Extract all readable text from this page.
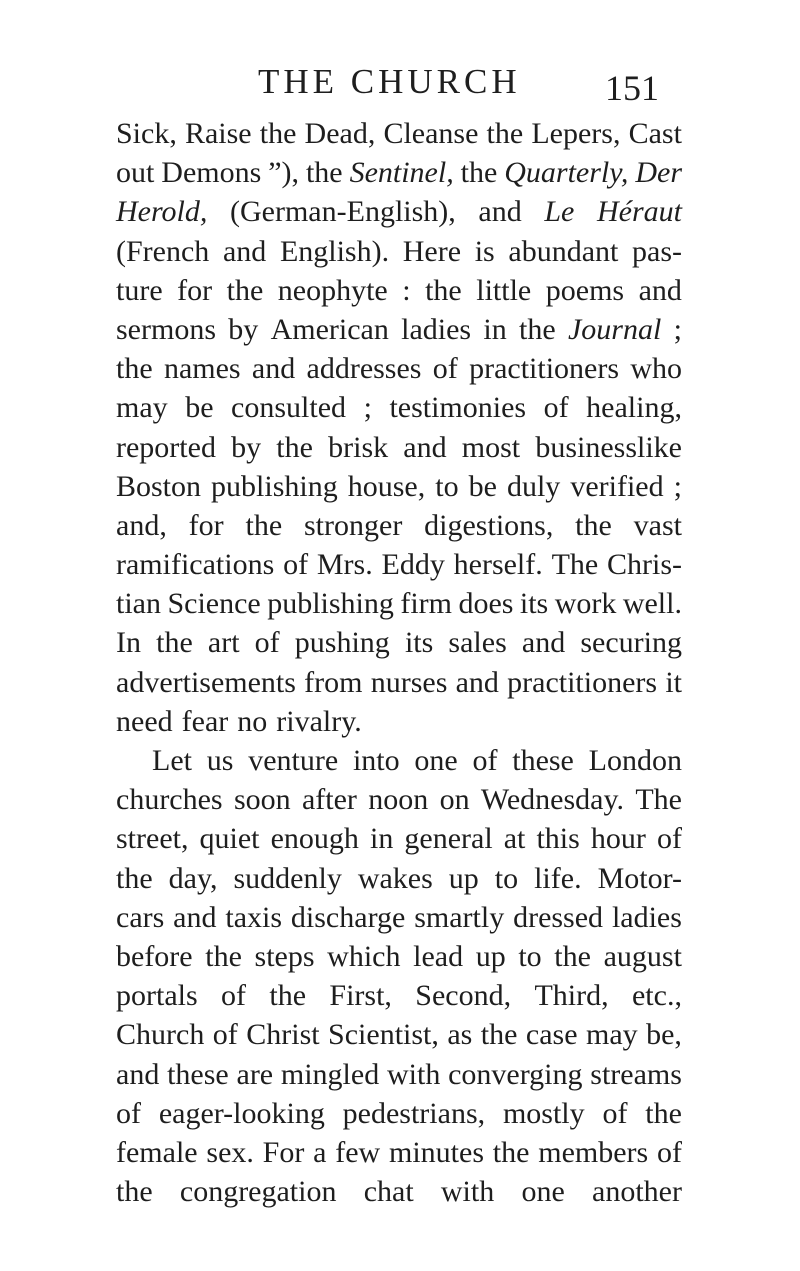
THE CHURCH 151
Sick, Raise the Dead, Cleanse the Lepers, Cast
out Demons ”), the Sentinel, the Quarterly, Der
Herold, (German-English), and Le Héraut
(French and English). Here is abundant pas-
ture for the neophyte : the little poems and
sermons by American ladies in the Journal ;
the names and addresses of practitioners who
may be consulted ; testimonies of healing,
reported by the brisk and most businesslike
Boston publishing house, to be duly verified ;
and, for the stronger digestions, the vast
ramifications of Mrs. Eddy herself. The Chris-
tian Science publishing firm does its work well.
In the art of pushing its sales and securing
advertisements from nurses and practitioners it
need fear no rivalry.
Let us venture into one of these London
churches soon after noon on Wednesday. The
street, quiet enough in general at this hour of
the day, suddenly wakes up to life. Motor-
cars and taxis discharge smartly dressed ladies
before the steps which lead up to the august
portals of the First, Second, Third, etc.,
Church of Christ Scientist, as the case may be,
and these are mingled with converging streams
of eager-looking pedestrians, mostly of the
female sex. For a few minutes the members of
the congregation chat with one another
